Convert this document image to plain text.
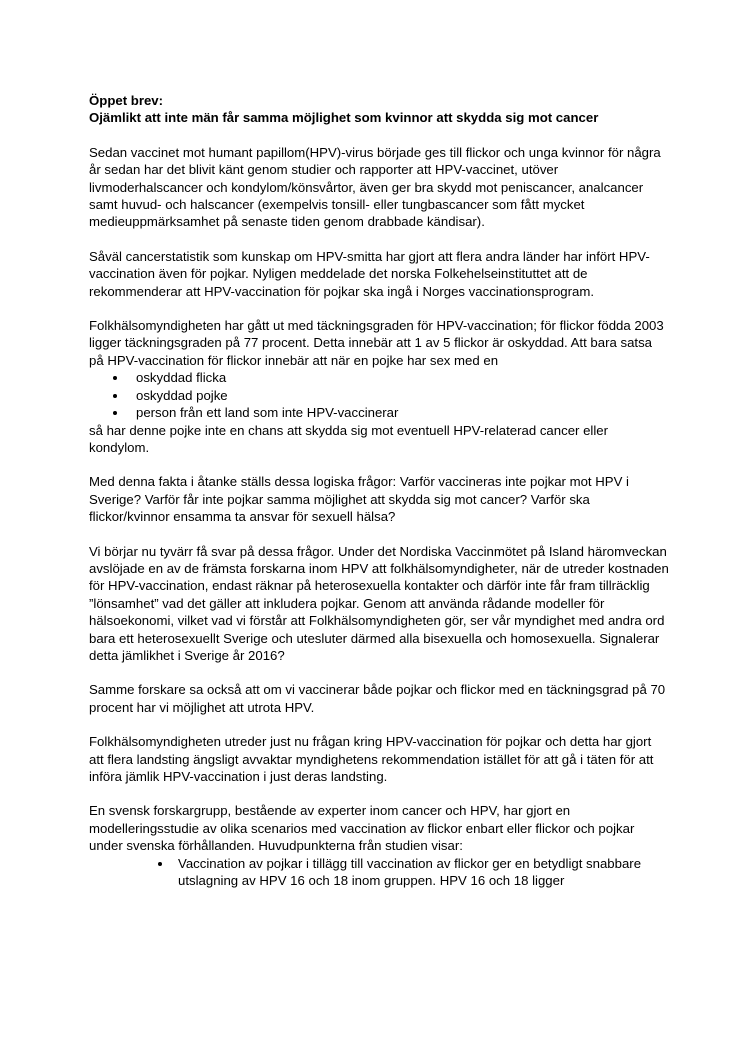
Öppet brev:
Ojämlikt att inte män får samma möjlighet som kvinnor att skydda sig mot cancer

Sedan vaccinet mot humant papillom(HPV)-virus började ges till flickor och unga kvinnor för några år sedan har det blivit känt genom studier och rapporter att HPV-vaccinet, utöver livmoderhalscancer och kondylom/könsvårtor, även ger bra skydd mot peniscancer, analcancer samt huvud- och halscancer (exempelvis tonsill- eller tungbascancer som fått mycket medieuppmärksamhet på senaste tiden genom drabbade kändisar).

Såväl cancerstatistik som kunskap om HPV-smitta har gjort att flera andra länder har infört HPV-vaccination även för pojkar. Nyligen meddelade det norska Folkehelseinstituttet att de rekommenderar att HPV-vaccination för pojkar ska ingå i Norges vaccinationsprogram.

Folkhälsomyndigheten har gått ut med täckningsgraden för HPV-vaccination; för flickor födda 2003 ligger täckningsgraden på 77 procent. Detta innebär att 1 av 5 flickor är oskyddad. Att bara satsa på HPV-vaccination för flickor innebär att när en pojke har sex med en

oskyddad flicka
oskyddad pojke
person från ett land som inte HPV-vaccinerar
så har denne pojke inte en chans att skydda sig mot eventuell HPV-relaterad cancer eller kondylom.

Med denna fakta i åtanke ställs dessa logiska frågor: Varför vaccineras inte pojkar mot HPV i Sverige? Varför får inte pojkar samma möjlighet att skydda sig mot cancer? Varför ska flickor/kvinnor ensamma ta ansvar för sexuell hälsa?

Vi börjar nu tyvärr få svar på dessa frågor. Under det Nordiska Vaccinmötet på Island häromveckan avslöjade en av de främsta forskarna inom HPV att folkhälsomyndigheter, när de utreder kostnaden för HPV-vaccination, endast räknar på heterosexuella kontakter och därför inte får fram tillräcklig ”lönsamhet” vad det gäller att inkludera pojkar. Genom att använda rådande modeller för hälsoekonomi, vilket vad vi förstår att Folkhälsomyndigheten gör, ser vår myndighet med andra ord bara ett heterosexuellt Sverige och utesluter därmed alla bisexuella och homosexuella. Signalerar detta jämlikhet i Sverige år 2016?

Samme forskare sa också att om vi vaccinerar både pojkar och flickor med en täckningsgrad på 70 procent har vi möjlighet att utrota HPV.

Folkhälsomyndigheten utreder just nu frågan kring HPV-vaccination för pojkar och detta har gjort att flera landsting ängsligt avvaktar myndighetens rekommendation istället för att gå i täten för att införa jämlik HPV-vaccination i just deras landsting.

En svensk forskargrupp, bestående av experter inom cancer och HPV, har gjort en modelleringsstudie av olika scenarios med vaccination av flickor enbart eller flickor och pojkar under svenska förhållanden. Huvudpunkterna från studien visar:

Vaccination av pojkar i tillägg till vaccination av flickor ger en betydligt snabbare utslagning av HPV 16 och 18 inom gruppen. HPV 16 och 18 ligger
